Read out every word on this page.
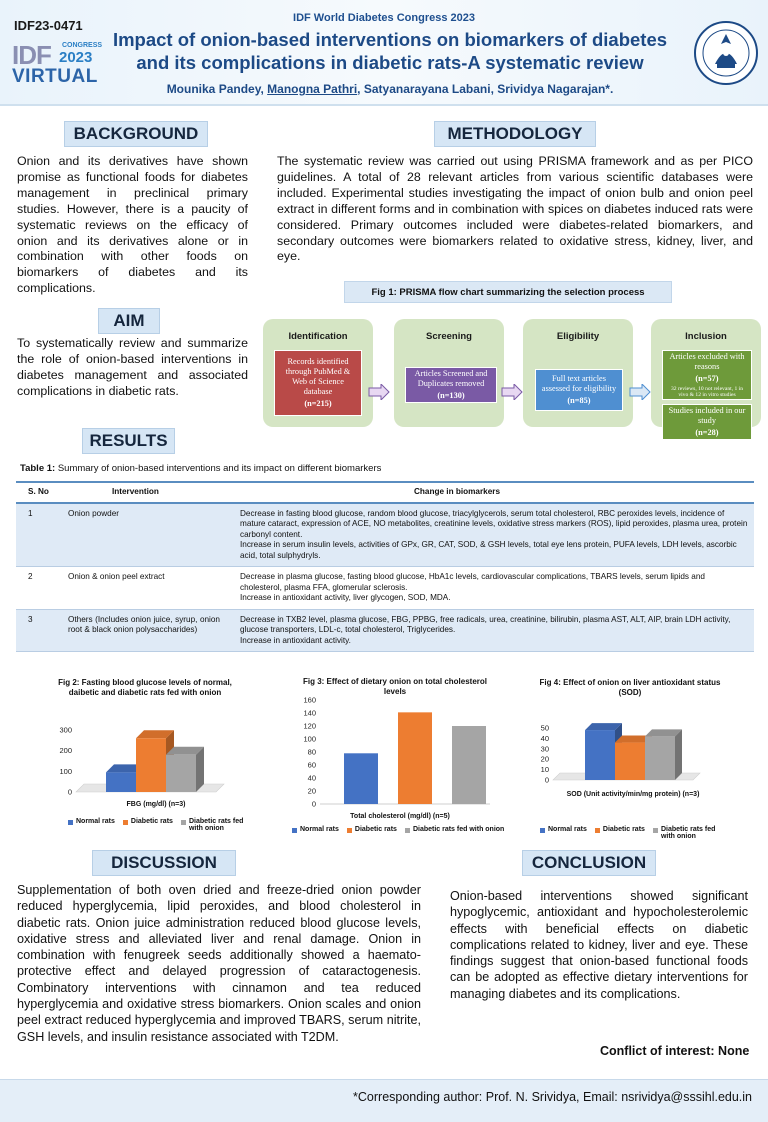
IDF23-0471	IDF World Diabetes Congress 2023
IDF CONGRESS
2023
VIRTUAL
Impact of onion-based interventions on biomarkers of diabetes and its complications in diabetic rats-A systematic review
Mounika Pandey, Manogna Pathri, Satyanarayana Labani, Srividya Nagarajan*.
BACKGROUND
Onion and its derivatives have shown promise as functional foods for diabetes management in preclinical primary studies. However, there is a paucity of systematic reviews on the efficacy of onion and its derivatives alone or in combination with other foods on biomarkers of diabetes and its complications.
AIM
To systematically review and summarize the role of onion-based interventions in diabetes management and associated complications in diabetic rats.
METHODOLOGY
The systematic review was carried out using PRISMA framework and as per PICO guidelines. A total of 28 relevant articles from various scientific databases were included. Experimental studies investigating the impact of onion bulb and onion peel extract in different forms and in combination with spices on diabetes induced rats were considered. Primary outcomes included were diabetes-related biomarkers, and secondary outcomes were biomarkers related to oxidative stress, kidney, liver, and eye.
Fig 1: PRISMA flow chart summarizing the selection process
Identification	Screening	Eligibility	Inclusion
Records identified through PubMed & Web of Science database
(n=215)
Articles Screened and Duplicates removed
(n=130)
Full text articles assessed for eligibility
(n=85)
Articles excluded with reasons
(n=57)
32 reviews, 10 not relevant, 1 in vivo & 12 in vitro studies
Studies included in our study
(n=28)
RESULTS
Table 1: Summary of onion-based interventions and its impact on different biomarkers
S. No	Intervention	Change in biomarkers
1	Onion powder	Decrease in fasting blood glucose, random blood glucose, triacylglycerols, serum total cholesterol, RBC peroxides levels, incidence of mature cataract, expression of ACE, NO metabolites, creatinine levels, oxidative stress markers (ROS), lipid peroxides, plasma urea, protein carbonyl content.
Increase in serum insulin levels, activities of GPx, GR, CAT, SOD, & GSH levels, total eye lens protein, PUFA levels, LDH levels, ascorbic acid, total sulphydryls.

2	Onion & onion peel extract	Decrease in plasma glucose, fasting blood glucose, HbA1c levels, cardiovascular complications, TBARS levels, serum lipids and cholesterol, plasma FFA, glomerular sclerosis.
Increase in antioxidant activity, liver glycogen, SOD, MDA.

3	Others (Includes onion juice, syrup, onion root & black onion polysaccharides)	Decrease in TXB2 level, plasma glucose, FBG, PPBG, free radicals, urea, creatinine, bilirubin, plasma AST, ALT, AIP, brain LDH activity, glucose transporters, LDL-c, total cholesterol, Triglycerides.
Increase in antioxidant activity.
Fig 2: Fasting blood glucose levels of normal, daibetic and diabetic rats fed with onion
0
100
200
300
FBG (mg/dl) (n=3)
Normal rats Diabetic rats Diabetic rats fed with onion
Fig 3: Effect of dietary onion on total cholesterol levels
0
20
40
60
80
100
120
140
160
Total cholesterol (mg/dl) (n=5)
Normal rats Diabetic rats Diabetic rats fed with onion
Fig 4: Effect of onion on liver antioxidant status (SOD)
0
10
20
30
40
50
SOD (Unit activity/min/mg protein) (n=3)
Normal rats Diabetic rats Diabetic rats fed with onion
DISCUSSION
Supplementation of both oven dried and freeze-dried onion powder reduced hyperglycemia, lipid peroxides, and blood cholesterol in diabetic rats. Onion juice administration reduced blood glucose levels, oxidative stress and alleviated liver and renal damage. Onion in combination with fenugreek seeds additionally showed a haemato-protective effect and delayed progression of cataractogenesis. Combinatory interventions with cinnamon and tea reduced hyperglycemia and oxidative stress biomarkers. Onion scales and onion peel extract reduced hyperglycemia and improved TBARS, serum nitrite, GSH levels, and insulin resistance associated with T2DM.
CONCLUSION
Onion-based interventions showed significant hypoglycemic, antioxidant and hypocholesterolemic effects with beneficial effects on diabetic complications related to kidney, liver and eye. These findings suggest that onion-based functional foods can be adopted as effective dietary interventions for managing diabetes and its complications.
Conflict of interest: None
*Corresponding author: Prof. N. Srividya, Email: nsrividya@sssihl.edu.in
